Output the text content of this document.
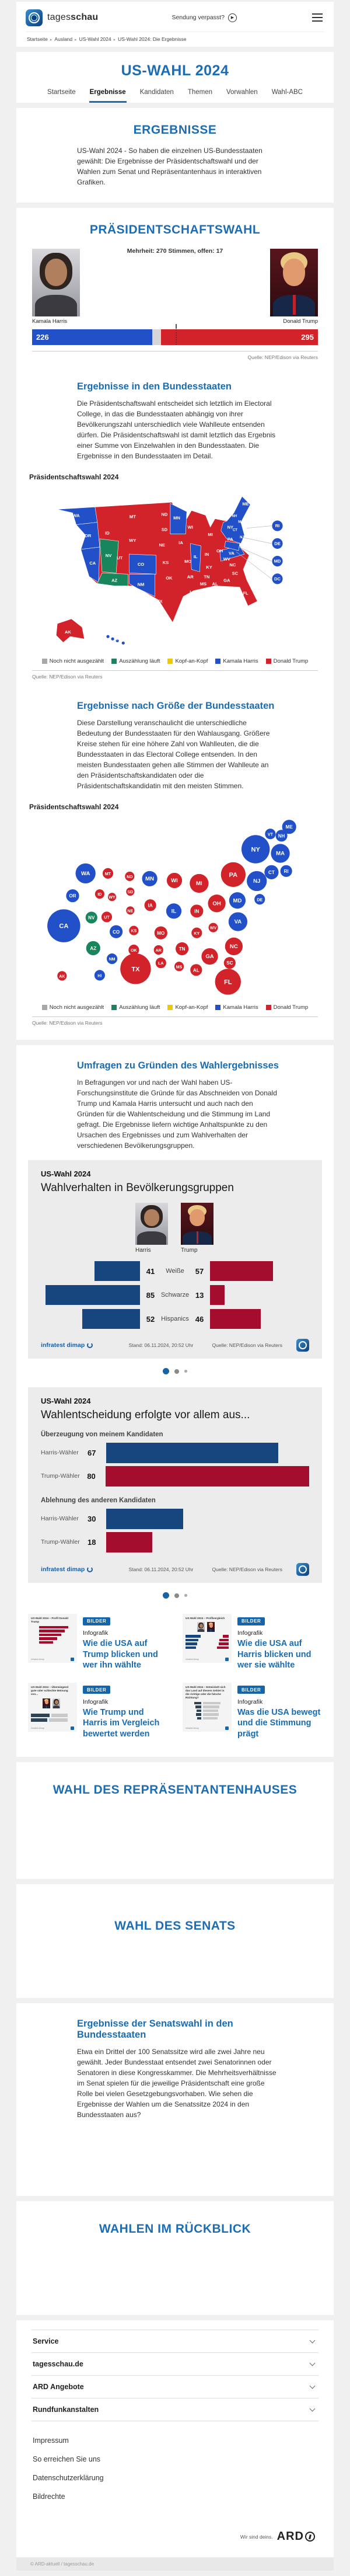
tagesschau	Sendung verpasst?	▶
Startseite ▸ Ausland ▸ US-Wahl 2024 ▸ US-Wahl 2024: Die Ergebnisse
US-WAHL 2024
Startseite Ergebnisse Kandidaten Themen Vorwahlen Wahl-ABC
ERGEBNISSE

US-Wahl 2024 - So haben die einzelnen US-Bundesstaaten gewählt: Die Ergebnisse der Präsidentschaftswahl und der Wahlen zum Senat und Repräsentantenhaus in interaktiven Grafiken.

PRÄSIDENTSCHAFTSWAHL
Mehrheit: 270 Stimmen, offen: 17
Kamala Harris	Donald Trump
226	295
Quelle: NEP/Edison via Reuters
Ergebnisse in den Bundesstaaten

Die Präsidentschaftswahl entscheidet sich letztlich im Electoral College, in das die Bundesstaaten abhängig von ihrer Bevölkerungszahl unterschiedlich viele Wahlleute entsenden dürfen. Die Präsidentschaftswahl ist damit letztlich das Ergebnis einer Summe von Einzelwahlen in den Bundesstaaten. Die Ergebnisse in den Bundesstaaten im Detail.

Präsidentschaftswahl 2024
WA
OR
CA
NV
ID
MT
WY
UT
AZ
NM
CO
ND
SD
NE
KS
OK
TX
MN
IA
MO
AR
LA
WI
IL
MS
MI
IN
KY
TN
AL
OH
WV
GA
FL
SC
NC
VA
PA
NY
ME
VT
NH
MA
CT
NJ
AK
HI
RI
DE
MD
DC
Noch nicht ausgezählt	Auszählung läuft	Kopf-an-Kopf	Kamala Harris	Donald Trump
Quelle: NEP/Edison via Reuters
Ergebnisse nach Größe der Bundesstaaten

Diese Darstellung veranschaulicht die unterschiedliche Bedeutung der Bundesstaaten für den Wahlausgang. Größere Kreise stehen für eine höhere Zahl von Wahlleuten, die die Bundesstaaten in das Electoral College entsenden. In den meisten Bundesstaaten gehen alle Stimmen der Wahlleute an den Präsidentschaftskandidaten oder die Präsidentschaftskandidatin mit den meisten Stimmen.

Präsidentschaftswahl 2024
CA
TX
NY
FL
PA
WA
NJ
MI
MA
VA
OH
NC
GA
MD
MN	WI
IL
AZ
ME
CT
OR
IN
MO
TN
CO
NV
SC
AL
NH
RI
IA
MT
UT
KY
OK
LA
NM
VT
DE
HI
ND
ID
KS
AR
MS
WV
AK
WY
SD
NE
Noch nicht ausgezählt	Auszählung läuft	Kopf-an-Kopf	Kamala Harris	Donald Trump
Quelle: NEP/Edison via Reuters
Umfragen zu Gründen des Wahlergebnisses

In Befragungen vor und nach der Wahl haben US-Forschungsinstitute die Gründe für das Abschneiden von Donald Trump und Kamala Harris untersucht und auch nach den Gründen für die Wahlentscheidung und die Stimmung im Land gefragt. Die Ergebnisse liefern wichtige Anhaltspunkte zu den Ursachen des Ergebnisses und zum Wahlverhalten der verschiedenen Bevölkerungsgruppen.

US-Wahl 2024
Wahlverhalten in Bevölkerungsgruppen
Harris	Trump
41	Weiße	57
85 Schwarze 13
52 Hispanics 46
infratest dimap	Stand: 06.11.2024, 20:52 Uhr	Quelle: NEP/Edison via Reuters
US-Wahl 2024
Wahlentscheidung erfolgte vor allem aus...
Überzeugung von meinem Kandidaten
Harris-Wähler	67
Trump-Wähler 80
Ablehnung des anderen Kandidaten
Harris-Wähler	30
Trump-Wähler	18
infratest dimap	Stand: 06.11.2024, 20:52 Uhr	Quelle: NEP/Edison via Reuters
US-Wahl 2024 – Profil Donald Trump
infratest dimap
BILDER
Infografik
Wie die USA auf Trump blicken und wer ihn wählte
US-Wahl 2024 – Profilvergleich
infratest dimap
BILDER
Infografik
Wie die USA auf Harris blicken und wer sie wählte
US-Wahl 2024 – Überwiegend gute oder schlechte Meinung von...
infratest dimap
BILDER
Infografik
Wie Trump und Harris im Vergleich bewertet werden
US-Wahl 2024 – Entwickelt sich das Land auf diesem Gebiet in die richtige oder die falsche Richtung?
infratest dimap
BILDER
Infografik
Was die USA bewegt und die Stimmung prägt
WAHL DES REPRÄSENTANTENHAUSES
WAHL DES SENATS
Ergebnisse der Senatswahl in den Bundesstaaten

Etwa ein Drittel der 100 Senatssitze wird alle zwei Jahre neu gewählt. Jeder Bundesstaat entsendet zwei Senatorinnen oder Senatoren in diese Kongresskammer. Die Mehrheitsverhältnisse im Senat spielen für die jeweilige Präsidentschaft eine große Rolle bei vielen Gesetzgebungsvorhaben. Wie sehen die Ergebnisse der Wahlen um die Senatssitze 2024 in den Bundesstaaten aus?

WAHLEN IM RÜCKBLICK
Service
tagesschau.de
ARD Angebote
Rundfunkanstalten
Impressum
So erreichen Sie uns
Datenschutzerklärung
Bildrechte
Wir sind deins. ARD
© ARD-aktuell / tagesschau.de
